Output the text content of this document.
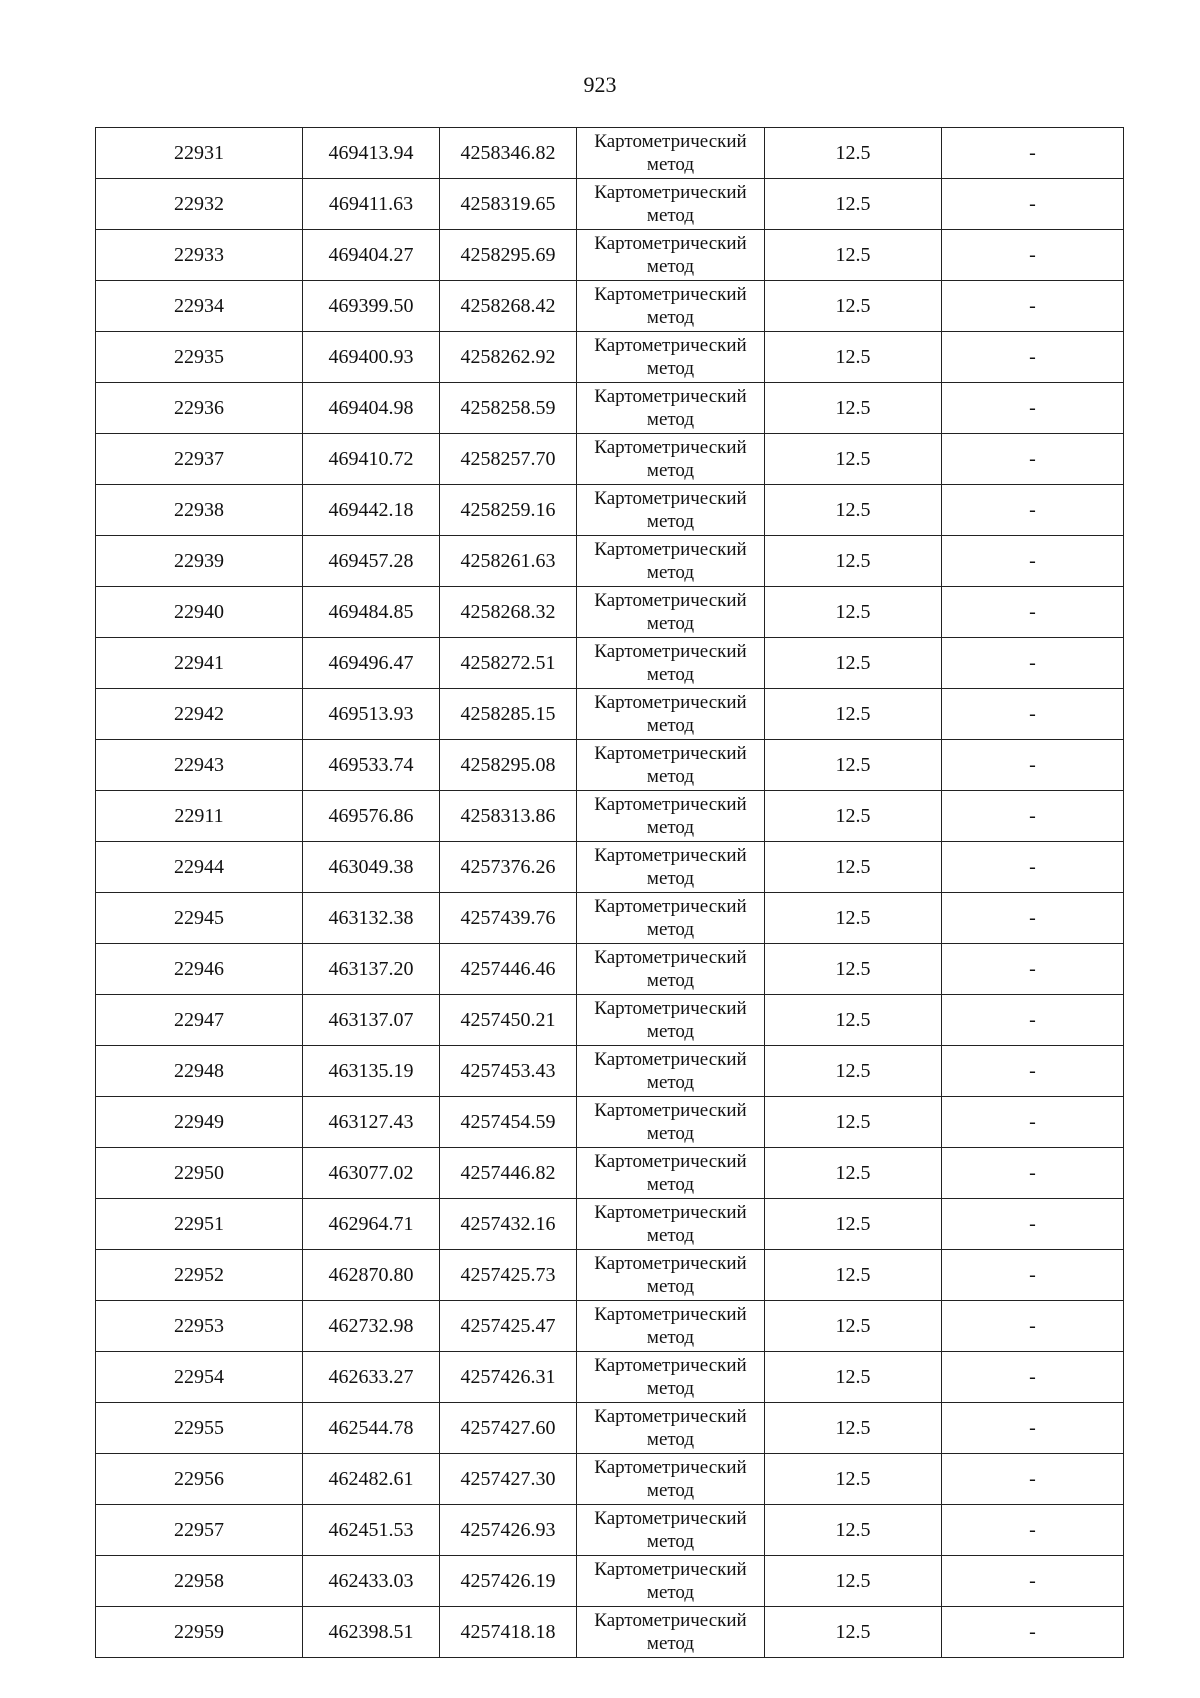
923
22931	469413.94	4258346.82	Картометрический
метод	12.5	-
22932	469411.63	4258319.65	Картометрический
метод	12.5	-
22933	469404.27	4258295.69	Картометрический
метод	12.5	-
22934	469399.50	4258268.42	Картометрический
метод	12.5	-
22935	469400.93	4258262.92	Картометрический
метод	12.5	-
22936	469404.98	4258258.59	Картометрический
метод	12.5	-
22937	469410.72	4258257.70	Картометрический
метод	12.5	-
22938	469442.18	4258259.16	Картометрический
метод	12.5	-
22939	469457.28	4258261.63	Картометрический
метод	12.5	-
22940	469484.85	4258268.32	Картометрический
метод	12.5	-
22941	469496.47	4258272.51	Картометрический
метод	12.5	-
22942	469513.93	4258285.15	Картометрический
метод	12.5	-
22943	469533.74	4258295.08	Картометрический
метод	12.5	-
22911	469576.86	4258313.86	Картометрический
метод	12.5	-
22944	463049.38	4257376.26	Картометрический
метод	12.5	-
22945	463132.38	4257439.76	Картометрический
метод	12.5	-
22946	463137.20	4257446.46	Картометрический
метод	12.5	-
22947	463137.07	4257450.21	Картометрический
метод	12.5	-
22948	463135.19	4257453.43	Картометрический
метод	12.5	-
22949	463127.43	4257454.59	Картометрический
метод	12.5	-
22950	463077.02	4257446.82	Картометрический
метод	12.5	-
22951	462964.71	4257432.16	Картометрический
метод	12.5	-
22952	462870.80	4257425.73	Картометрический
метод	12.5	-
22953	462732.98	4257425.47	Картометрический
метод	12.5	-
22954	462633.27	4257426.31	Картометрический
метод	12.5	-
22955	462544.78	4257427.60	Картометрический
метод	12.5	-
22956	462482.61	4257427.30	Картометрический
метод	12.5	-
22957	462451.53	4257426.93	Картометрический
метод	12.5	-
22958	462433.03	4257426.19	Картометрический
метод	12.5	-
22959	462398.51	4257418.18	Картометрический
метод	12.5	-
